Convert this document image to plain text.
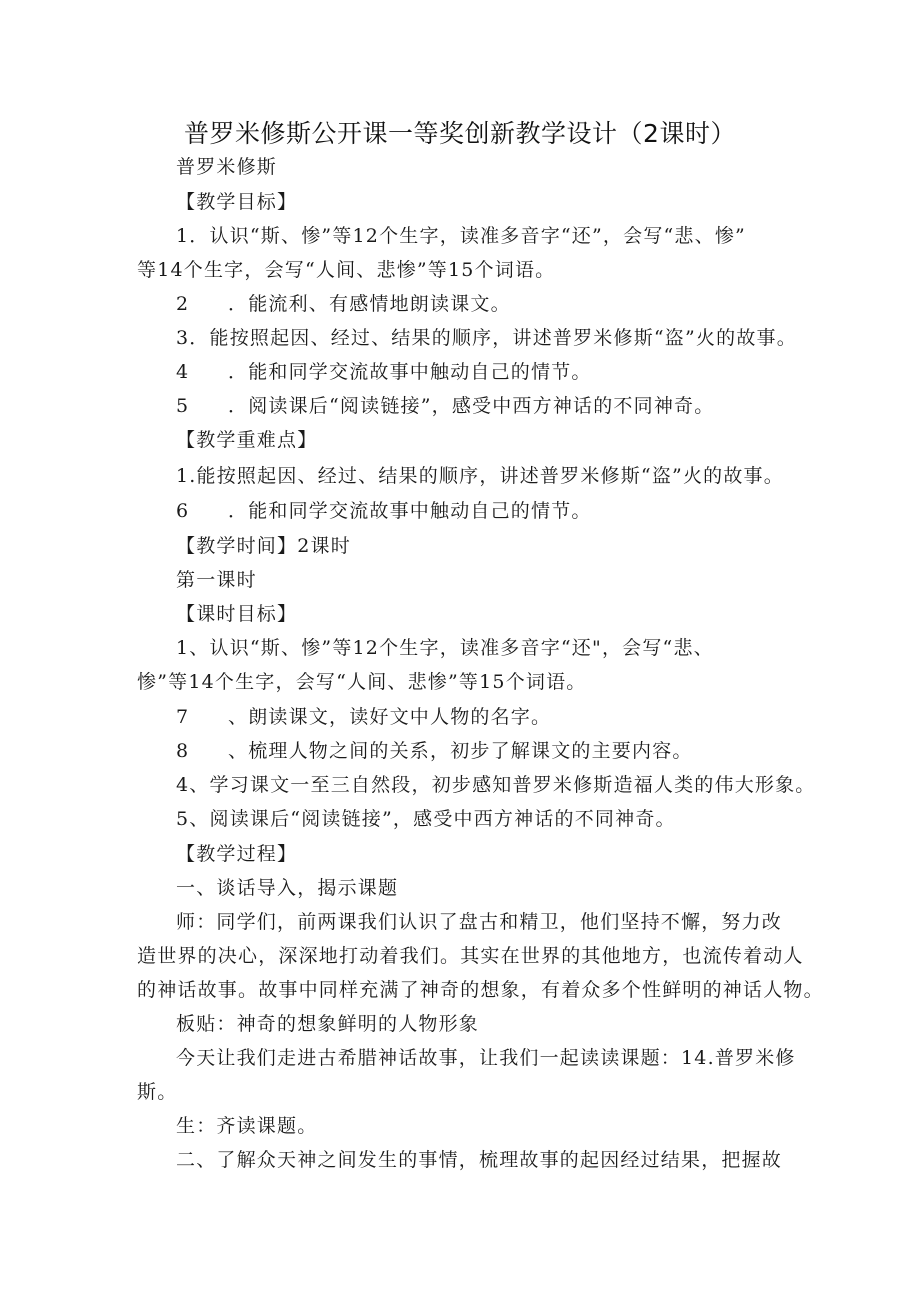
普罗米修斯公开课一等奖创新教学设计（2课时）
普罗米修斯
【教学目标】
1．认识“斯、惨”等12个生字，读准多音字“还”，会写“悲、惨”
等14个生字，会写“人间、悲惨”等15个词语。
2 ．能流利、有感情地朗读课文。
3．能按照起因、经过、结果的顺序，讲述普罗米修斯“盗”火的故事。
4 ．能和同学交流故事中触动自己的情节。
5 ．阅读课后“阅读链接”，感受中西方神话的不同神奇。
【教学重难点】
1.能按照起因、经过、结果的顺序，讲述普罗米修斯“盗”火的故事。
6 ．能和同学交流故事中触动自己的情节。
【教学时间】2课时
第一课时
【课时目标】
1、认识“斯、惨”等12个生字，读准多音字“还"，会写“悲、
惨”等14个生字，会写“人间、悲惨”等15个词语。
7 、朗读课文，读好文中人物的名字。
8 、梳理人物之间的关系，初步了解课文的主要内容。
4、学习课文一至三自然段，初步感知普罗米修斯造福人类的伟大形象。
5、阅读课后“阅读链接”，感受中西方神话的不同神奇。
【教学过程】
一、谈话导入，揭示课题
师：同学们，前两课我们认识了盘古和精卫，他们坚持不懈，努力改
造世界的决心，深深地打动着我们。其实在世界的其他地方，也流传着动人
的神话故事。故事中同样充满了神奇的想象，有着众多个性鲜明的神话人物。
板贴：神奇的想象鲜明的人物形象
今天让我们走进古希腊神话故事，让我们一起读读课题：14.普罗米修
斯。
生：齐读课题。
二、了解众天神之间发生的事情，梳理故事的起因经过结果，把握故
